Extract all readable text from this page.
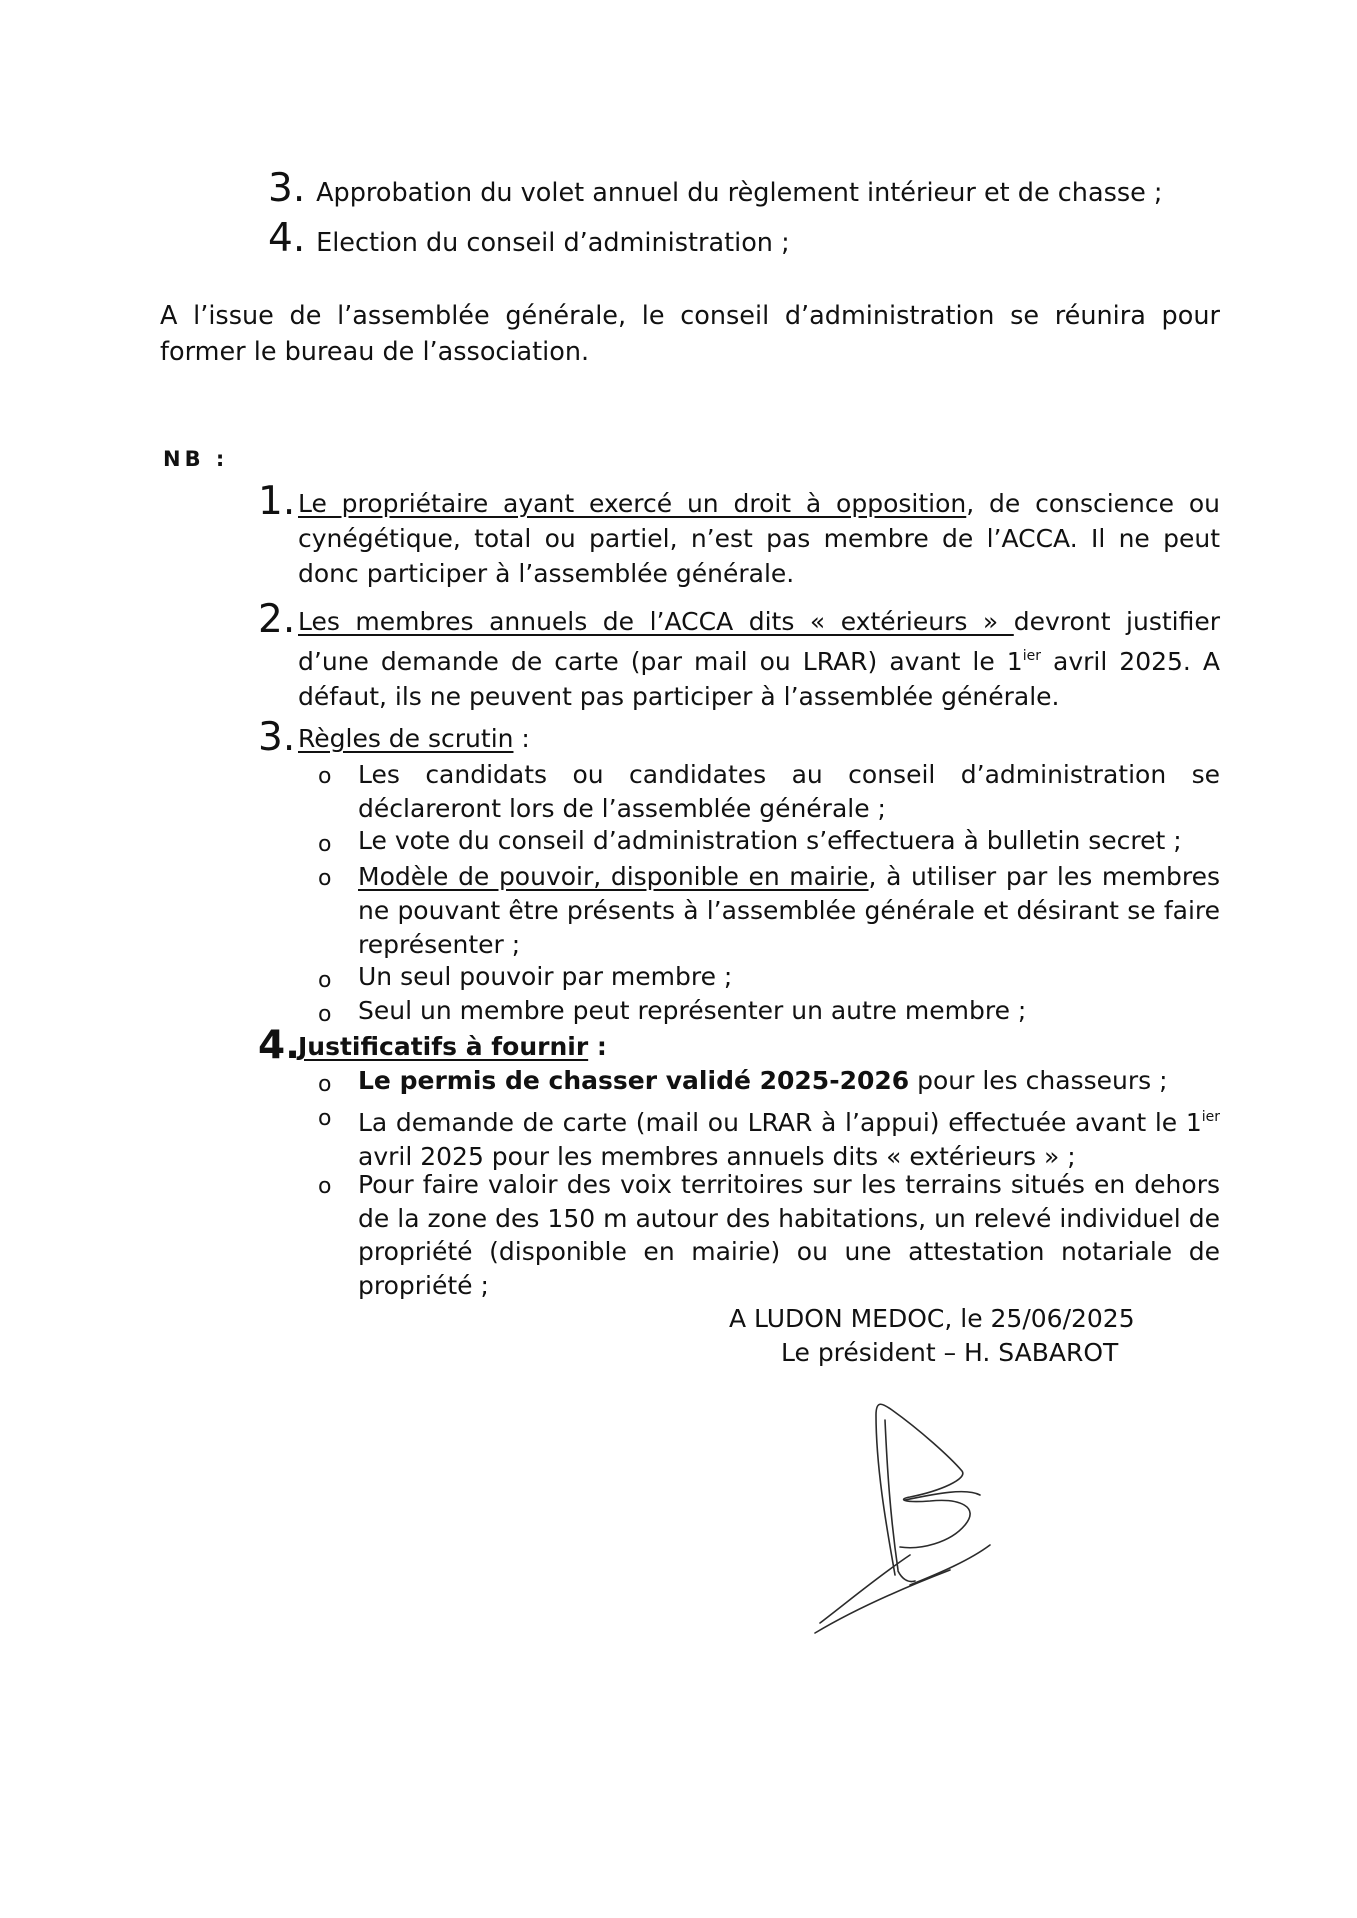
3. Approbation du volet annuel du règlement intérieur et de chasse ;
4. Election du conseil d’administration ;
A l’issue de l’assemblée générale, le conseil d’administration se réunira pour former le bureau de l’association.
NB :
1. Le propriétaire ayant exercé un droit à opposition, de conscience ou cynégétique, total ou partiel, n’est pas membre de l’ACCA. Il ne peut donc participer à l’assemblée générale.
2. Les membres annuels de l’ACCA dits « extérieurs » devront justifier d’une demande de carte (par mail ou LRAR) avant le $1^{ier}$ avril 2025. A défaut, ils ne peuvent pas participer à l’assemblée générale.
3. Règles de scrutin :
o Les candidats ou candidates au conseil d’administration se déclareront lors de l’assemblée générale ;
o Le vote du conseil d’administration s’effectuera à bulletin secret ;
o Modèle de pouvoir, disponible en mairie, à utiliser par les membres ne pouvant être présents à l’assemblée générale et désirant se faire représenter ;
o Un seul pouvoir par membre ;
o Seul un membre peut représenter un autre membre ;
4.
Justificatifs à fournir :
o Le permis de chasser validé 2025-2026 pour les chasseurs ;
o La demande de carte (mail ou LRAR à l’appui) effectuée avant le $1^{ier}$ avril 2025 pour les membres annuels dits « extérieurs » ;
o Pour faire valoir des voix territoires sur les terrains situés en dehors de la zone des 150 m autour des habitations, un relevé individuel de propriété (disponible en mairie) ou une attestation notariale de propriété ;
A LUDON MEDOC, le 25/06/2025
Le président – H. SABAROT
